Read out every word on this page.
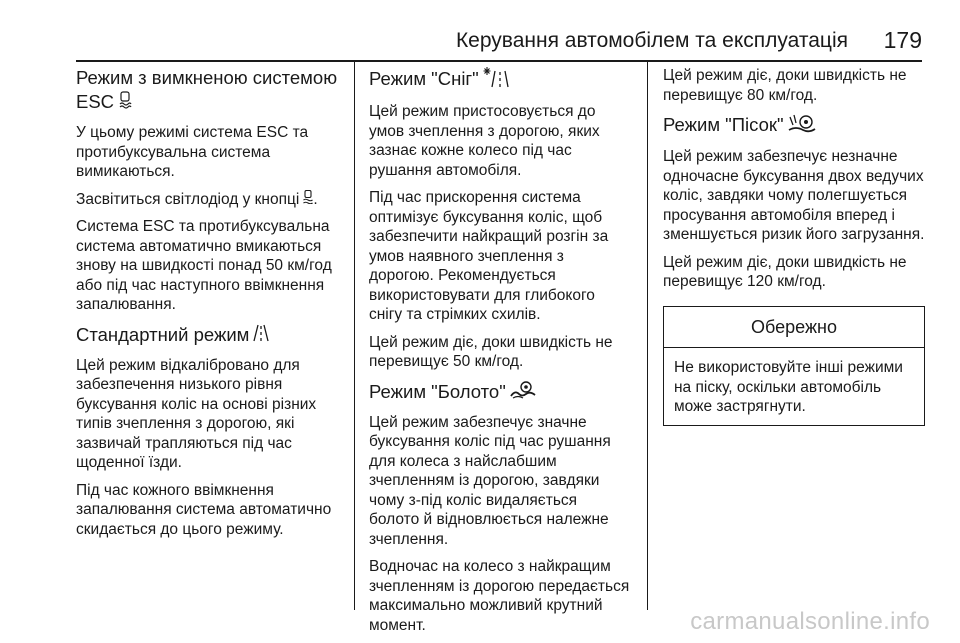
Керування автомобілем та експлуатація 179
Режим з вимкненою системою ESC

У цьому режимі система ESC та протибуксувальна система вимикаються.

Засвітиться світлодіод у кнопці .

Система ESC та протибуксувальна система автоматично вмикаються знову на швидкості понад 50 км/год або під час наступного ввімкнення запалювання.

Стандартний режим

Цей режим відкалібровано для забезпечення низького рівня буксування коліс на основі різних типів зчеплення з дорогою, які зазвичай трапляються під час щоденної їзди.

Під час кожного ввімкнення запалювання система автоматично скидається до цього режиму.

Режим "Сніг"

Цей режим пристосовується до умов зчеплення з дорогою, яких зазнає кожне колесо під час рушання автомобіля.

Під час прискорення система оптимізує буксування коліс, щоб забезпечити найкращий розгін за умов наявного зчеплення з дорогою. Рекомендується використовувати для глибокого снігу та стрімких схилів.

Цей режим діє, доки швидкість не перевищує 50 км/год.

Режим "Болото"

Цей режим забезпечує значне буксування коліс під час рушання для колеса з найслабшим зчепленням із дорогою, завдяки чому з-під коліс видаляється болото й відновлюється належне зчеплення.

Водночас на колесо з найкращим зчепленням із дорогою передається максимально можливий крутний момент.

Цей режим діє, доки швидкість не перевищує 80 км/год.

Режим "Пісок"

Цей режим забезпечує незначне одночасне буксування двох ведучих коліс, завдяки чому полегшується просування автомобіля вперед і зменшується ризик його загрузання.

Цей режим діє, доки швидкість не перевищує 120 км/год.

Обережно
Не використовуйте інші режими на піску, оскільки автомобіль може застрягнути.
carmanualsonline.info
